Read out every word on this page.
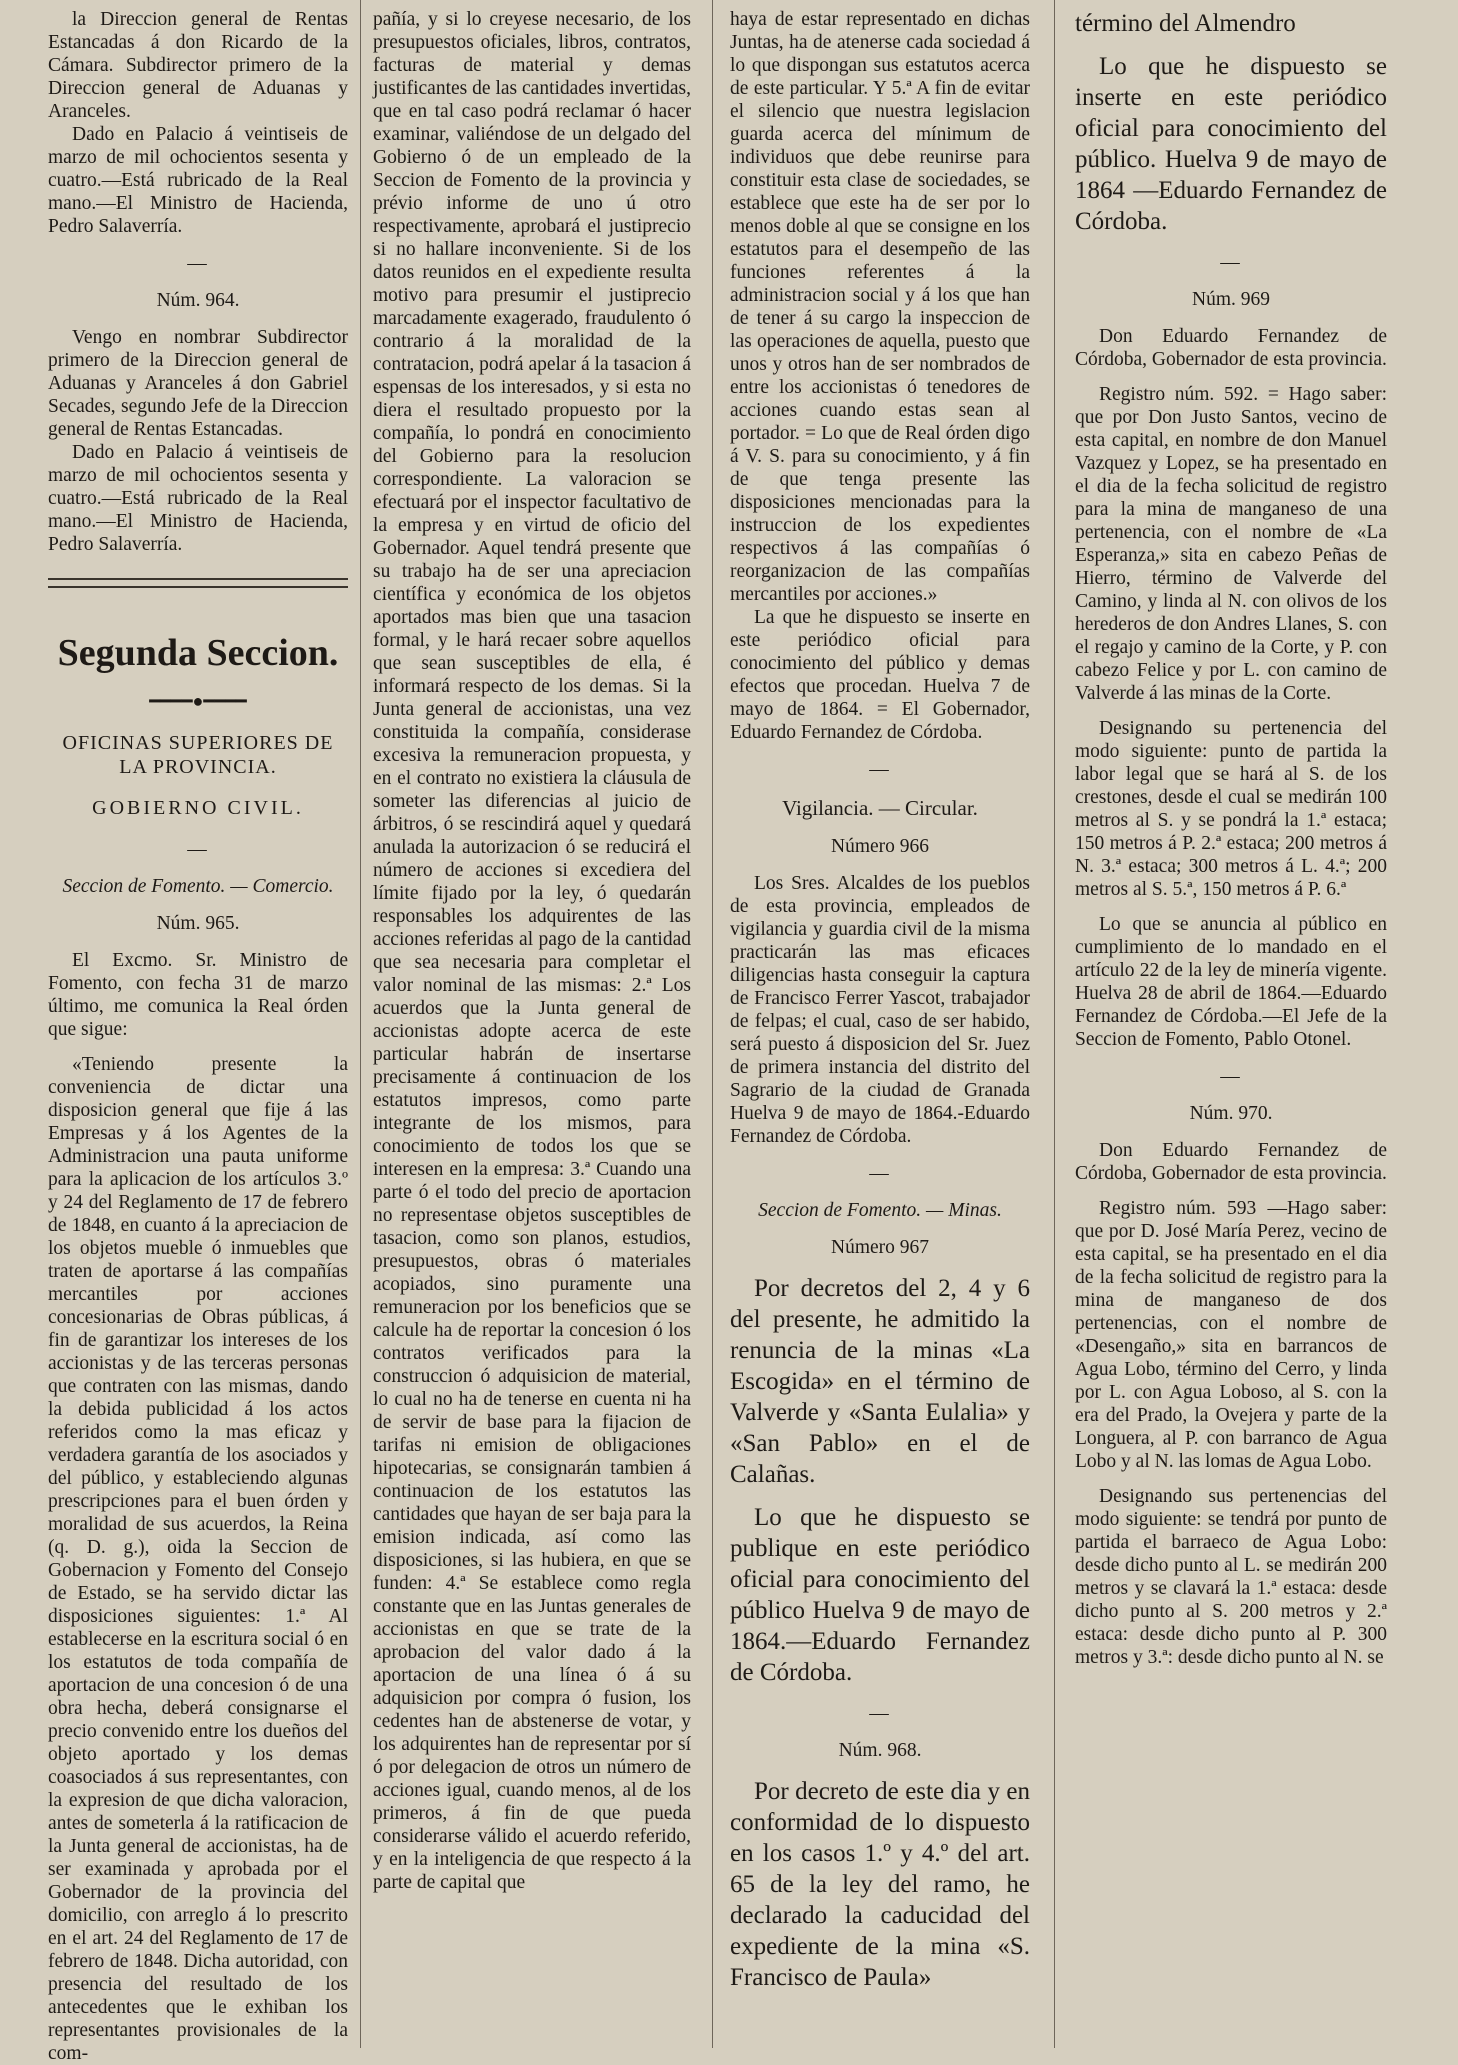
la Direccion general de Rentas Estancadas á don Ricardo de la Cámara. Subdirector primero de la Direccion general de Aduanas y Aranceles.

Dado en Palacio á veintiseis de marzo de mil ochocientos sesenta y cuatro.—Está rubricado de la Real mano.—El Ministro de Hacienda, Pedro Salaverría.

—
Núm. 964.

Vengo en nombrar Subdirector primero de la Direccion general de Aduanas y Aranceles á don Gabriel Secades, segundo Jefe de la Direccion general de Rentas Estancadas.

Dado en Palacio á veintiseis de marzo de mil ochocientos sesenta y cuatro.—Está rubricado de la Real mano.—El Ministro de Hacienda, Pedro Salaverría.

Segunda Seccion.
━━━━●━━━━
OFICINAS SUPERIORES DE LA PROVINCIA.
GOBIERNO CIVIL.
—

Seccion de Fomento. — Comercio.

Núm. 965.

El Excmo. Sr. Ministro de Fomento, con fecha 31 de marzo último, me comunica la Real órden que sigue:

«Teniendo presente la conveniencia de dictar una disposicion general que fije á las Empresas y á los Agentes de la Administracion una pauta uniforme para la aplicacion de los artículos 3.º y 24 del Reglamento de 17 de febrero de 1848, en cuanto á la apreciacion de los objetos mueble ó inmuebles que traten de aportarse á las compañías mercantiles por acciones concesionarias de Obras públicas, á fin de garantizar los intereses de los accionistas y de las terceras personas que contraten con las mismas, dando la debida publicidad á los actos referidos como la mas eficaz y verdadera garantía de los asociados y del público, y estableciendo algunas prescripciones para el buen órden y moralidad de sus acuerdos, la Reina (q. D. g.), oida la Seccion de Gobernacion y Fomento del Consejo de Estado, se ha servido dictar las disposiciones siguientes: 1.ª Al establecerse en la escritura social ó en los estatutos de toda compañía de aportacion de una concesion ó de una obra hecha, deberá consignarse el precio convenido entre los dueños del objeto aportado y los demas coasociados á sus representantes, con la expresion de que dicha valoracion, antes de someterla á la ratificacion de la Junta general de accionistas, ha de ser examinada y aprobada por el Gobernador de la provincia del domicilio, con arreglo á lo prescrito en el art. 24 del Reglamento de 17 de febrero de 1848. Dicha autoridad, con presencia del resultado de los antecedentes que le exhiban los representantes provisionales de la com-

pañía, y si lo creyese necesario, de los presupuestos oficiales, libros, contratos, facturas de material y demas justificantes de las cantidades invertidas, que en tal caso podrá reclamar ó hacer examinar, valiéndose de un delgado del Gobierno ó de un empleado de la Seccion de Fomento de la provincia y prévio informe de uno ú otro respectivamente, aprobará el justiprecio si no hallare inconveniente. Si de los datos reunidos en el expediente resulta motivo para presumir el justiprecio marcadamente exagerado, fraudulento ó contrario á la moralidad de la contratacion, podrá apelar á la tasacion á espensas de los interesados, y si esta no diera el resultado propuesto por la compañía, lo pondrá en conocimiento del Gobierno para la resolucion correspondiente. La valoracion se efectuará por el inspector facultativo de la empresa y en virtud de oficio del Gobernador. Aquel tendrá presente que su trabajo ha de ser una apreciacion científica y económica de los objetos aportados mas bien que una tasacion formal, y le hará recaer sobre aquellos que sean susceptibles de ella, é informará respecto de los demas. Si la Junta general de accionistas, una vez constituida la compañía, considerase excesiva la remuneracion propuesta, y en el contrato no existiera la cláusula de someter las diferencias al juicio de árbitros, ó se rescindirá aquel y quedará anulada la autorizacion ó se reducirá el número de acciones si excediera del límite fijado por la ley, ó quedarán responsables los adquirentes de las acciones referidas al pago de la cantidad que sea necesaria para completar el valor nominal de las mismas: 2.ª Los acuerdos que la Junta general de accionistas adopte acerca de este particular habrán de insertarse precisamente á continuacion de los estatutos impresos, como parte integrante de los mismos, para conocimiento de todos los que se interesen en la empresa: 3.ª Cuando una parte ó el todo del precio de aportacion no representase objetos susceptibles de tasacion, como son planos, estudios, presupuestos, obras ó materiales acopiados, sino puramente una remuneracion por los beneficios que se calcule ha de reportar la concesion ó los contratos verificados para la construccion ó adquisicion de material, lo cual no ha de tenerse en cuenta ni ha de servir de base para la fijacion de tarifas ni emision de obligaciones hipotecarias, se consignarán tambien á continuacion de los estatutos las cantidades que hayan de ser baja para la emision indicada, así como las disposiciones, si las hubiera, en que se funden: 4.ª Se establece como regla constante que en las Juntas generales de accionistas en que se trate de la aprobacion del valor dado á la aportacion de una línea ó á su adquisicion por compra ó fusion, los cedentes han de abstenerse de votar, y los adquirentes han de representar por sí ó por delegacion de otros un número de acciones igual, cuando menos, al de los primeros, á fin de que pueda considerarse válido el acuerdo referido, y en la inteligencia de que respecto á la parte de capital que

haya de estar representado en dichas Juntas, ha de atenerse cada sociedad á lo que dispongan sus estatutos acerca de este particular. Y 5.ª A fin de evitar el silencio que nuestra legislacion guarda acerca del mínimum de individuos que debe reunirse para constituir esta clase de sociedades, se establece que este ha de ser por lo menos doble al que se consigne en los estatutos para el desempeño de las funciones referentes á la administracion social y á los que han de tener á su cargo la inspeccion de las operaciones de aquella, puesto que unos y otros han de ser nombrados de entre los accionistas ó tenedores de acciones cuando estas sean al portador. = Lo que de Real órden digo á V. S. para su conocimiento, y á fin de que tenga presente las disposiciones mencionadas para la instruccion de los expedientes respectivos á las compañías ó reorganizacion de las compañías mercantiles por acciones.»

La que he dispuesto se inserte en este periódico oficial para conocimiento del público y demas efectos que procedan. Huelva 7 de mayo de 1864. = El Gobernador, Eduardo Fernandez de Córdoba.

—

Vigilancia. — Circular.

Número 966

Los Sres. Alcaldes de los pueblos de esta provincia, empleados de vigilancia y guardia civil de la misma practicarán las mas eficaces diligencias hasta conseguir la captura de Francisco Ferrer Yascot, trabajador de felpas; el cual, caso de ser habido, será puesto á disposicion del Sr. Juez de primera instancia del distrito del Sagrario de la ciudad de Granada Huelva 9 de mayo de 1864.-Eduardo Fernandez de Córdoba.

—

Seccion de Fomento. — Minas.

Número 967

Por decretos del 2, 4 y 6 del presente, he admitido la renuncia de la minas «La Escogida» en el término de Valverde y «Santa Eulalia» y «San Pablo» en el de Calañas.

Lo que he dispuesto se publique en este periódico oficial para conocimiento del público Huelva 9 de mayo de 1864.—Eduardo Fernandez de Córdoba.

—
Núm. 968.

Por decreto de este dia y en conformidad de lo dispuesto en los casos 1.º y 4.º del art. 65 de la ley del ramo, he declarado la caducidad del expediente de la mina «S. Francisco de Paula»

término del Almendro

Lo que he dispuesto se inserte en este periódico oficial para conocimiento del público. Huelva 9 de mayo de 1864 —Eduardo Fernandez de Córdoba.

—
Núm. 969

Don Eduardo Fernandez de Córdoba, Gobernador de esta provincia.

Registro núm. 592. = Hago saber: que por Don Justo Santos, vecino de esta capital, en nombre de don Manuel Vazquez y Lopez, se ha presentado en el dia de la fecha solicitud de registro para la mina de manganeso de una pertenencia, con el nombre de «La Esperanza,» sita en cabezo Peñas de Hierro, término de Valverde del Camino, y linda al N. con olivos de los herederos de don Andres Llanes, S. con el regajo y camino de la Corte, y P. con cabezo Felice y por L. con camino de Valverde á las minas de la Corte.

Designando su pertenencia del modo siguiente: punto de partida la labor legal que se hará al S. de los crestones, desde el cual se medirán 100 metros al S. y se pondrá la 1.ª estaca; 150 metros á P. 2.ª estaca; 200 metros á N. 3.ª estaca; 300 metros á L. 4.ª; 200 metros al S. 5.ª, 150 metros á P. 6.ª

Lo que se anuncia al público en cumplimiento de lo mandado en el artículo 22 de la ley de minería vigente. Huelva 28 de abril de 1864.—Eduardo Fernandez de Córdoba.—El Jefe de la Seccion de Fomento, Pablo Otonel.

—
Núm. 970.

Don Eduardo Fernandez de Córdoba, Gobernador de esta provincia.

Registro núm. 593 —Hago saber: que por D. José María Perez, vecino de esta capital, se ha presentado en el dia de la fecha solicitud de registro para la mina de manganeso de dos pertenencias, con el nombre de «Desengaño,» sita en barrancos de Agua Lobo, término del Cerro, y linda por L. con Agua Loboso, al S. con la era del Prado, la Ovejera y parte de la Longuera, al P. con barranco de Agua Lobo y al N. las lomas de Agua Lobo.

Designando sus pertenencias del modo siguiente: se tendrá por punto de partida el barraeco de Agua Lobo: desde dicho punto al L. se medirán 200 metros y se clavará la 1.ª estaca: desde dicho punto al S. 200 metros y 2.ª estaca: desde dicho punto al P. 300 metros y 3.ª: desde dicho punto al N. se
